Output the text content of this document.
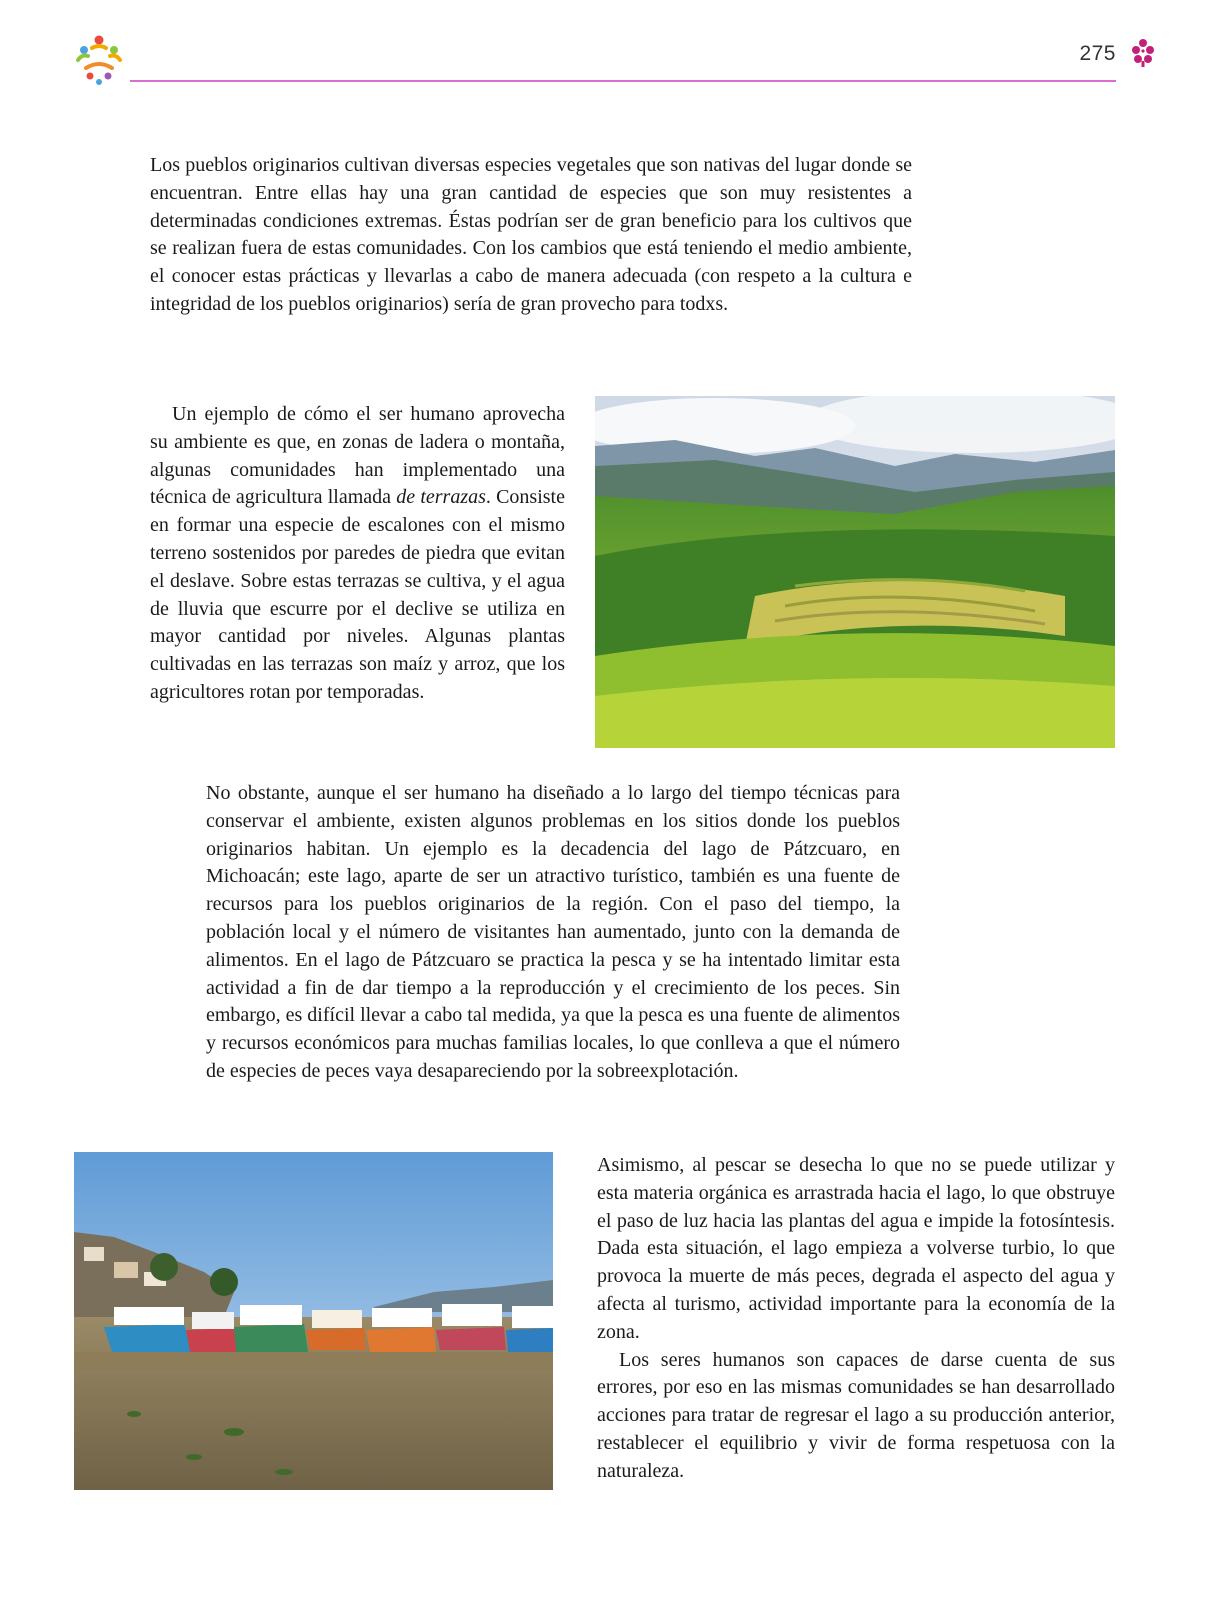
275

Los pueblos originarios cultivan diversas especies vegetales que son nativas del lugar donde se encuentran. Entre ellas hay una gran cantidad de especies que son muy resistentes a determinadas condiciones extremas. Éstas podrían ser de gran beneficio para los cultivos que se realizan fuera de estas comunidades. Con los cambios que está teniendo el medio ambiente, el conocer estas prácticas y llevarlas a cabo de manera adecuada (con respeto a la cultura e integridad de los pueblos originarios) sería de gran provecho para todxs.

Un ejemplo de cómo el ser humano aprovecha su ambiente es que, en zonas de ladera o montaña, algunas comunidades han implementado una técnica de agricultura llamada de terrazas. Consiste en formar una especie de escalones con el mismo terreno sostenidos por paredes de piedra que evitan el deslave. Sobre estas terrazas se cultiva, y el agua de lluvia que escurre por el declive se utiliza en mayor cantidad por niveles. Algunas plantas cultivadas en las terrazas son maíz y arroz, que los agricultores rotan por temporadas.

No obstante, aunque el ser humano ha diseñado a lo largo del tiempo técnicas para conservar el ambiente, existen algunos problemas en los sitios donde los pueblos originarios habitan. Un ejemplo es la decadencia del lago de Pátzcuaro, en Michoacán; este lago, aparte de ser un atractivo turístico, también es una fuente de recursos para los pueblos originarios de la región. Con el paso del tiempo, la población local y el número de visitantes han aumentado, junto con la demanda de alimentos. En el lago de Pátzcuaro se practica la pesca y se ha intentado limitar esta actividad a fin de dar tiempo a la reproducción y el crecimiento de los peces. Sin embargo, es difícil llevar a cabo tal medida, ya que la pesca es una fuente de alimentos y recursos económicos para muchas familias locales, lo que conlleva a que el número de especies de peces vaya desapareciendo por la sobreexplotación.

Asimismo, al pescar se desecha lo que no se puede utilizar y esta materia orgánica es arrastrada hacia el lago, lo que obstruye el paso de luz hacia las plantas del agua e impide la fotosíntesis. Dada esta situación, el lago empieza a volverse turbio, lo que provoca la muerte de más peces, degrada el aspecto del agua y afecta al turismo, actividad importante para la economía de la zona.

Los seres humanos son capaces de darse cuenta de sus errores, por eso en las mismas comunidades se han desarrollado acciones para tratar de regresar el lago a su producción anterior, restablecer el equilibrio y vivir de forma respetuosa con la naturaleza.
